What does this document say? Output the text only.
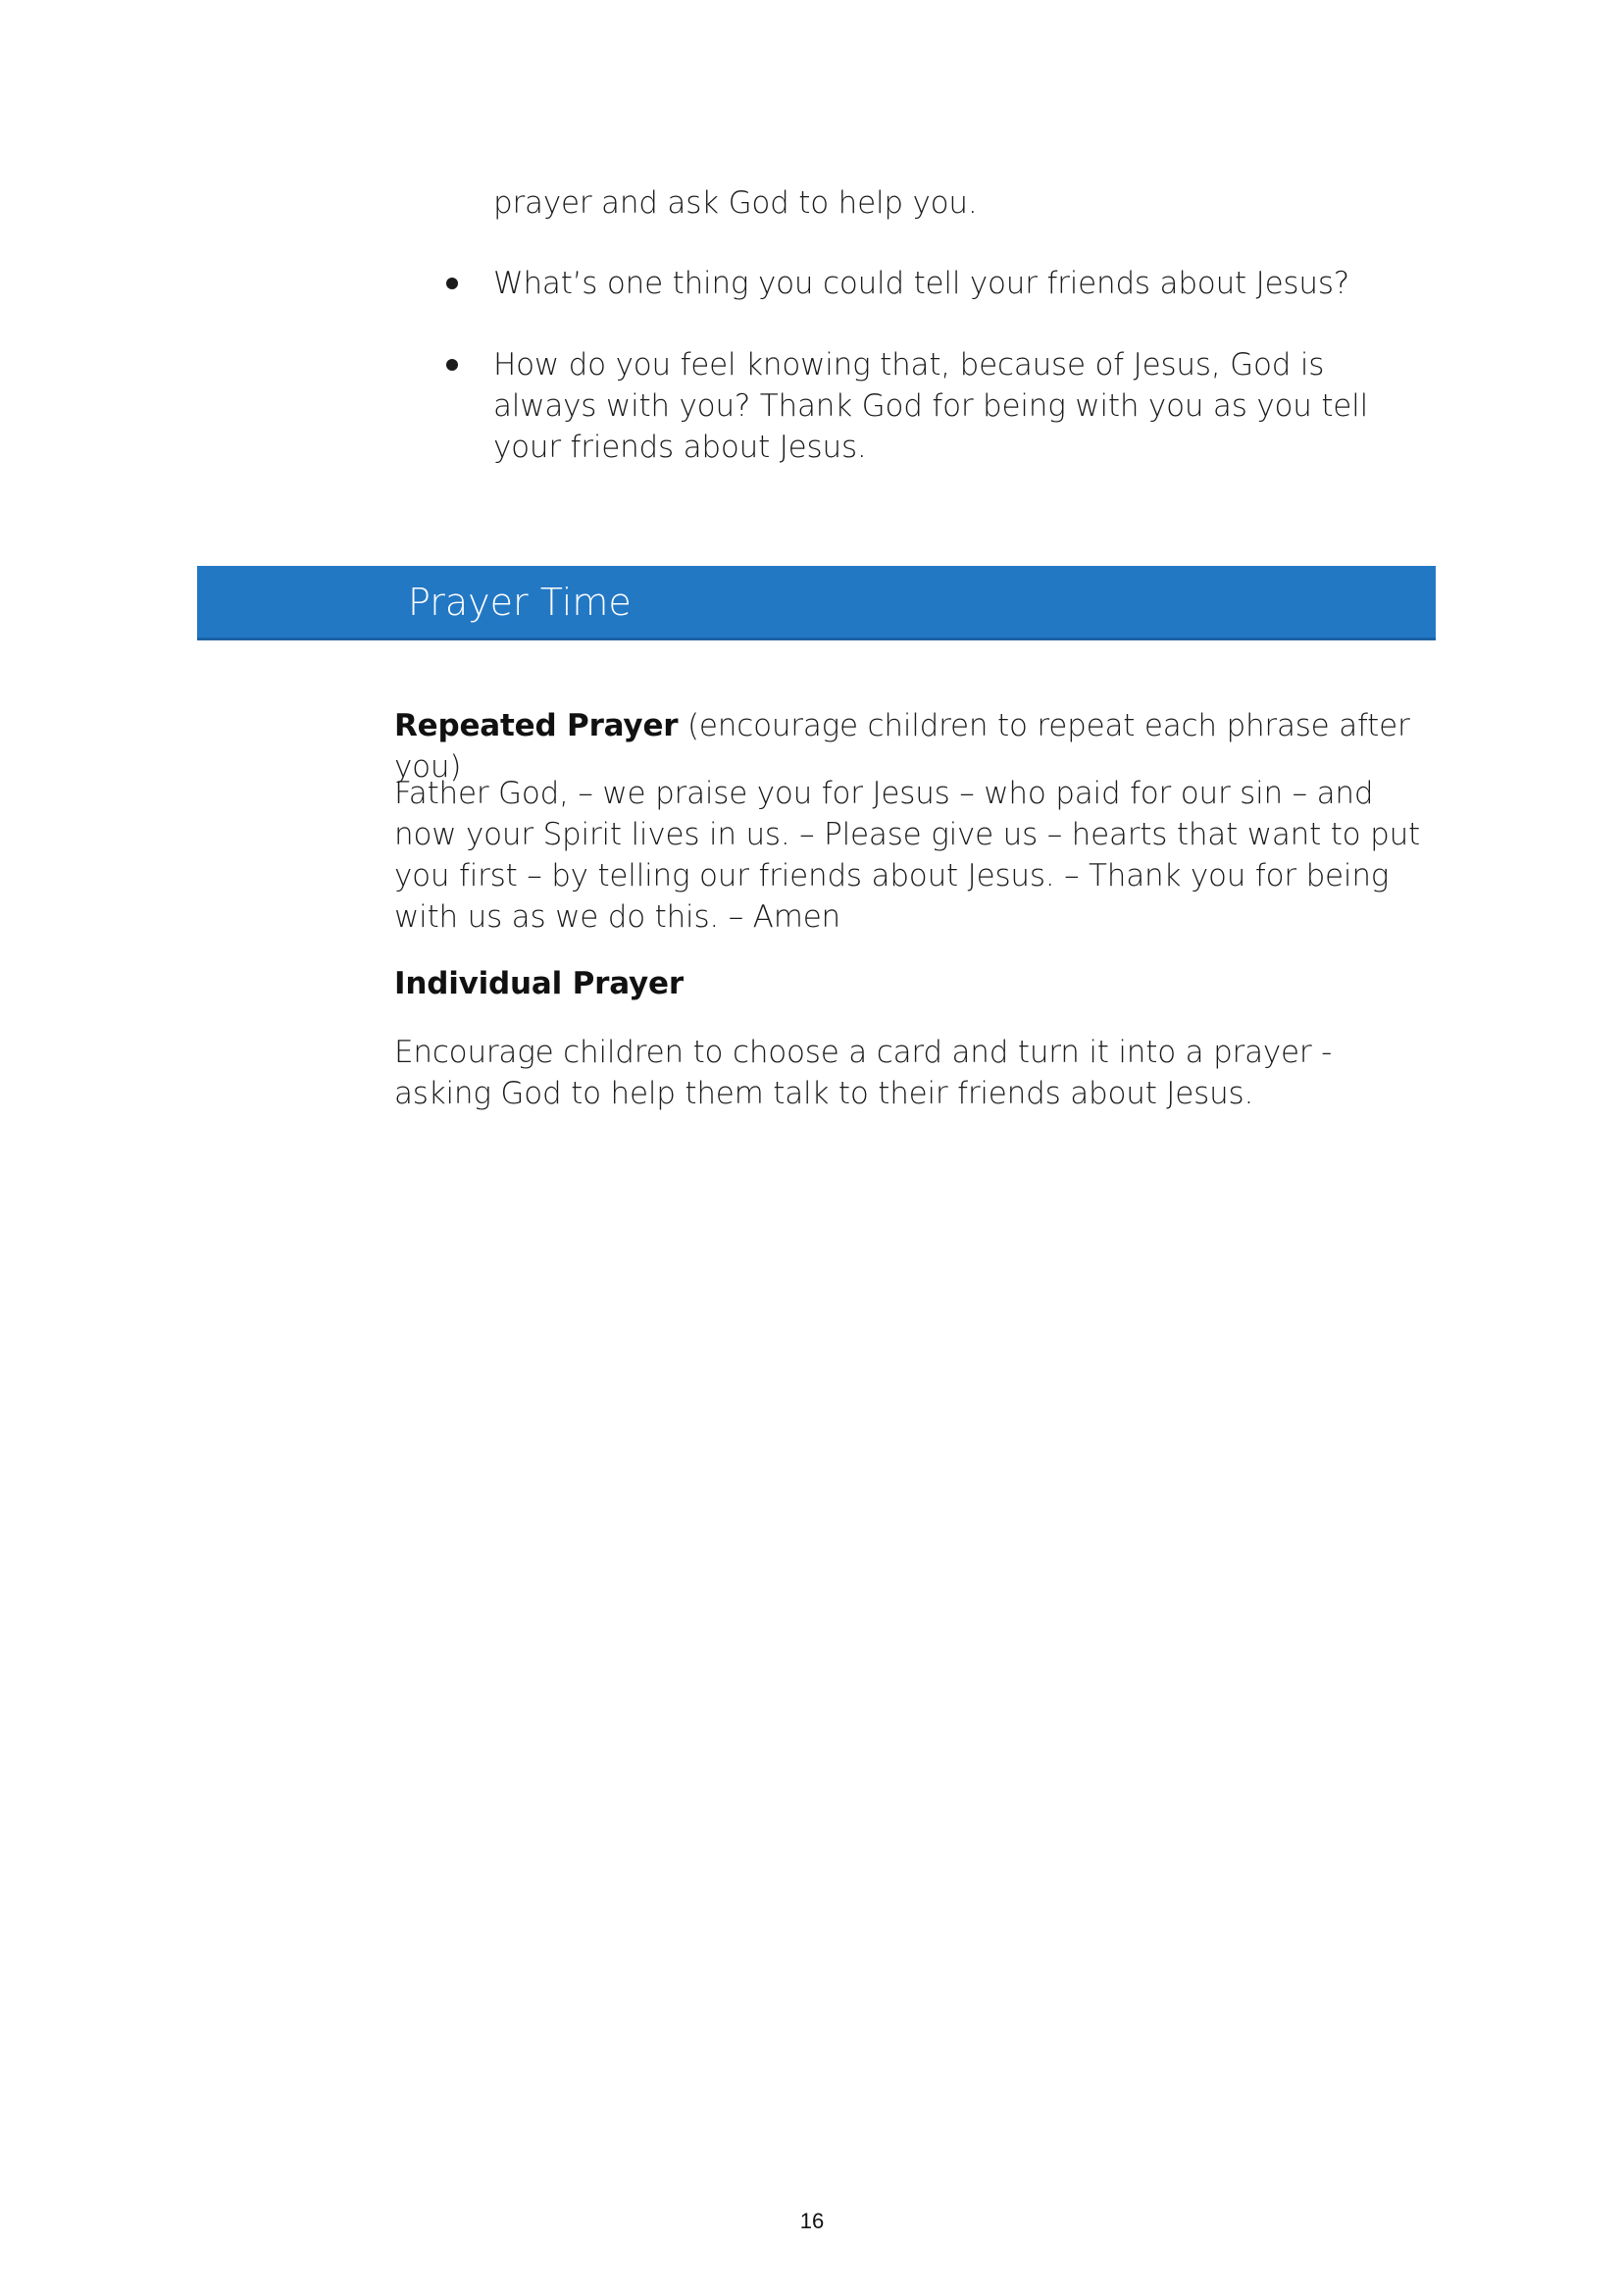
prayer and ask God to help you.
What’s one thing you could tell your friends about Jesus?
How do you feel knowing that, because of Jesus, God is always with you? Thank God for being with you as you tell your friends about Jesus.
Prayer Time
Repeated Prayer (encourage children to repeat each phrase after you)
Father God, – we praise you for Jesus – who paid for our sin – and now your Spirit lives in us. – Please give us – hearts that want to put you first – by telling our friends about Jesus. – Thank you for being with us as we do this. – Amen
Individual Prayer
Encourage children to choose a card and turn it into a prayer - asking God to help them talk to their friends about Jesus.
16
